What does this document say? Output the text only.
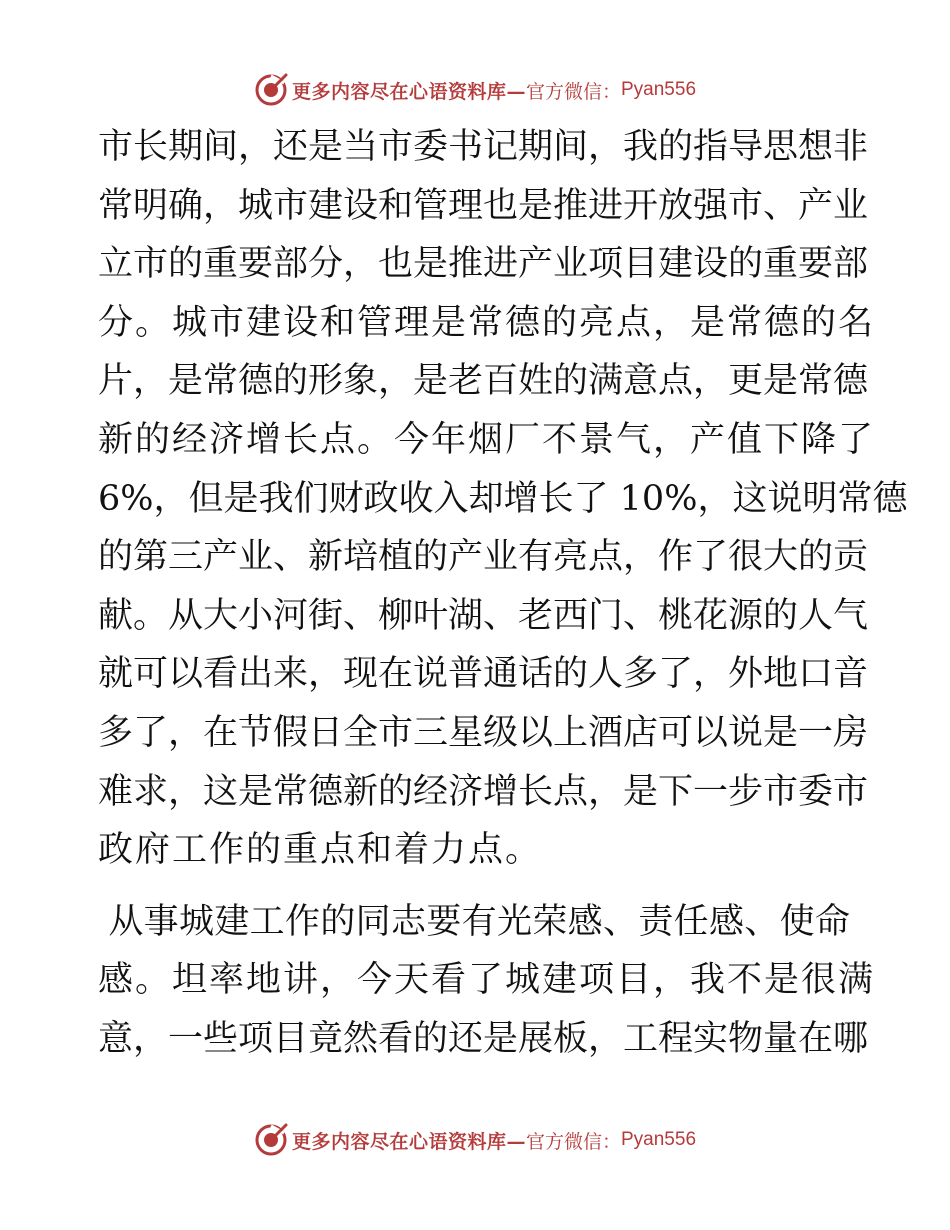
更多内容尽在心语资料库— 官方微信： Pyan556
市长期间，还是当市委书记期间，我的指导思想非
常明确，城市建设和管理也是推进开放强市、产业
立市的重要部分，也是推进产业项目建设的重要部
分。城市建设和管理是常德的亮点，是常德的名
片，是常德的形象，是老百姓的满意点，更是常德
新的经济增长点。今年烟厂不景气，产值下降了
6%，但是我们财政收入却增长了 10%，这说明常德
的第三产业、新培植的产业有亮点，作了很大的贡
献。从大小河街、柳叶湖、老西门、桃花源的人气
就可以看出来，现在说普通话的人多了，外地口音
多了，在节假日全市三星级以上酒店可以说是一房
难求，这是常德新的经济增长点，是下一步市委市
政府工作的重点和着力点。
从事城建工作的同志要有光荣感、责任感、使命
感。坦率地讲，今天看了城建项目，我不是很满
意，一些项目竟然看的还是展板，工程实物量在哪
更多内容尽在心语资料库— 官方微信： Pyan556
